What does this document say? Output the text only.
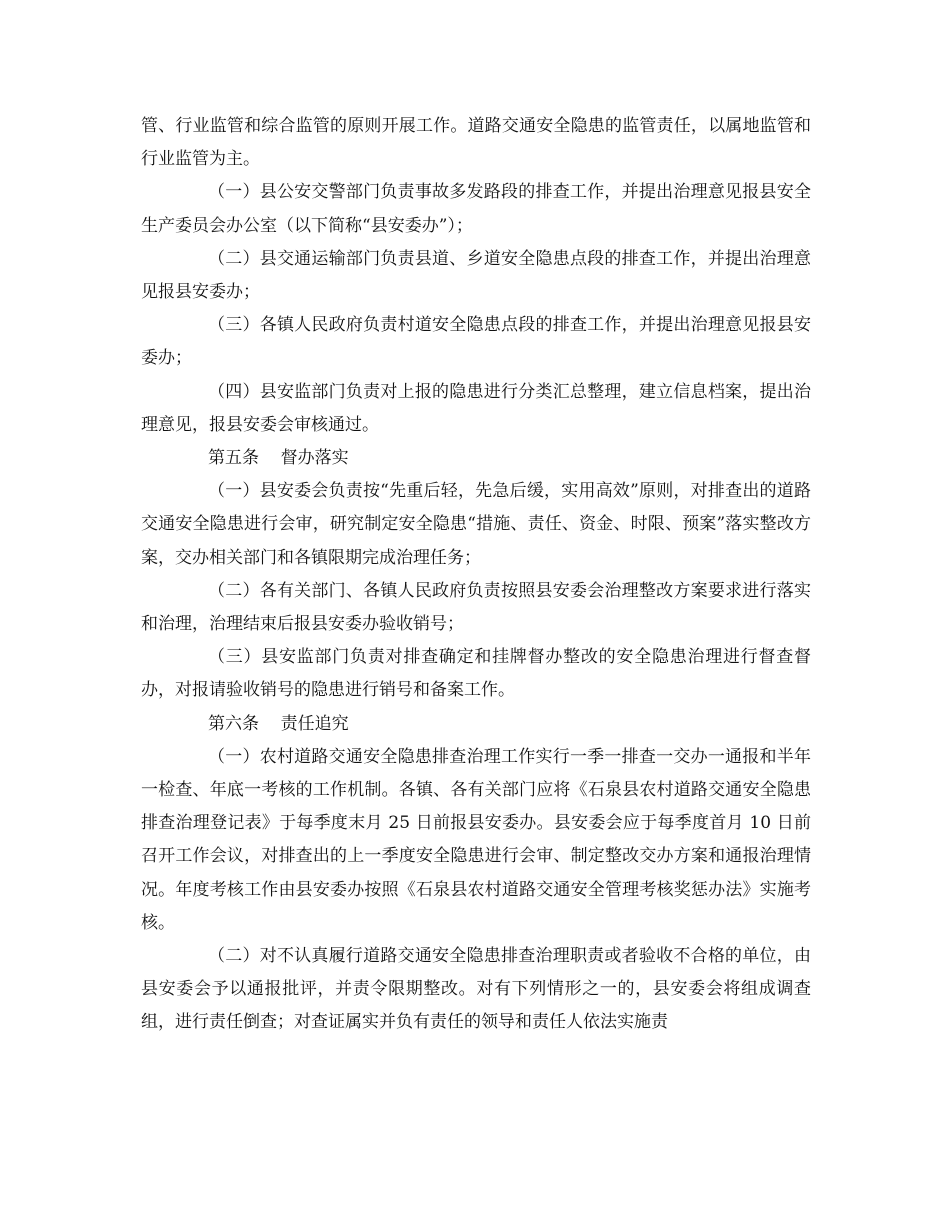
管、行业监管和综合监管的原则开展工作。道路交通安全隐患的监管责任，以属地监管和行业监管为主。

（一）县公安交警部门负责事故多发路段的排查工作，并提出治理意见报县安全生产委员会办公室（以下简称“县安委办”）；

（二）县交通运输部门负责县道、乡道安全隐患点段的排查工作，并提出治理意见报县安委办；

（三）各镇人民政府负责村道安全隐患点段的排查工作，并提出治理意见报县安委办；

（四）县安监部门负责对上报的隐患进行分类汇总整理，建立信息档案，提出治理意见，报县安委会审核通过。

第五条    督办落实

（一）县安委会负责按“先重后轻，先急后缓，实用高效”原则，对排查出的道路交通安全隐患进行会审，研究制定安全隐患“措施、责任、资金、时限、预案”落实整改方案，交办相关部门和各镇限期完成治理任务；

（二）各有关部门、各镇人民政府负责按照县安委会治理整改方案要求进行落实和治理，治理结束后报县安委办验收销号；

（三）县安监部门负责对排查确定和挂牌督办整改的安全隐患治理进行督查督办，对报请验收销号的隐患进行销号和备案工作。

第六条    责任追究

（一）农村道路交通安全隐患排查治理工作实行一季一排查一交办一通报和半年一检查、年底一考核的工作机制。各镇、各有关部门应将《石泉县农村道路交通安全隐患排查治理登记表》于每季度末月 25 日前报县安委办。县安委会应于每季度首月 10 日前召开工作会议，对排查出的上一季度安全隐患进行会审、制定整改交办方案和通报治理情况。年度考核工作由县安委办按照《石泉县农村道路交通安全管理考核奖惩办法》实施考核。

（二）对不认真履行道路交通安全隐患排查治理职责或者验收不合格的单位，由县安委会予以通报批评，并责令限期整改。对有下列情形之一的，县安委会将组成调查组，进行责任倒查；对查证属实并负有责任的领导和责任人依法实施责
